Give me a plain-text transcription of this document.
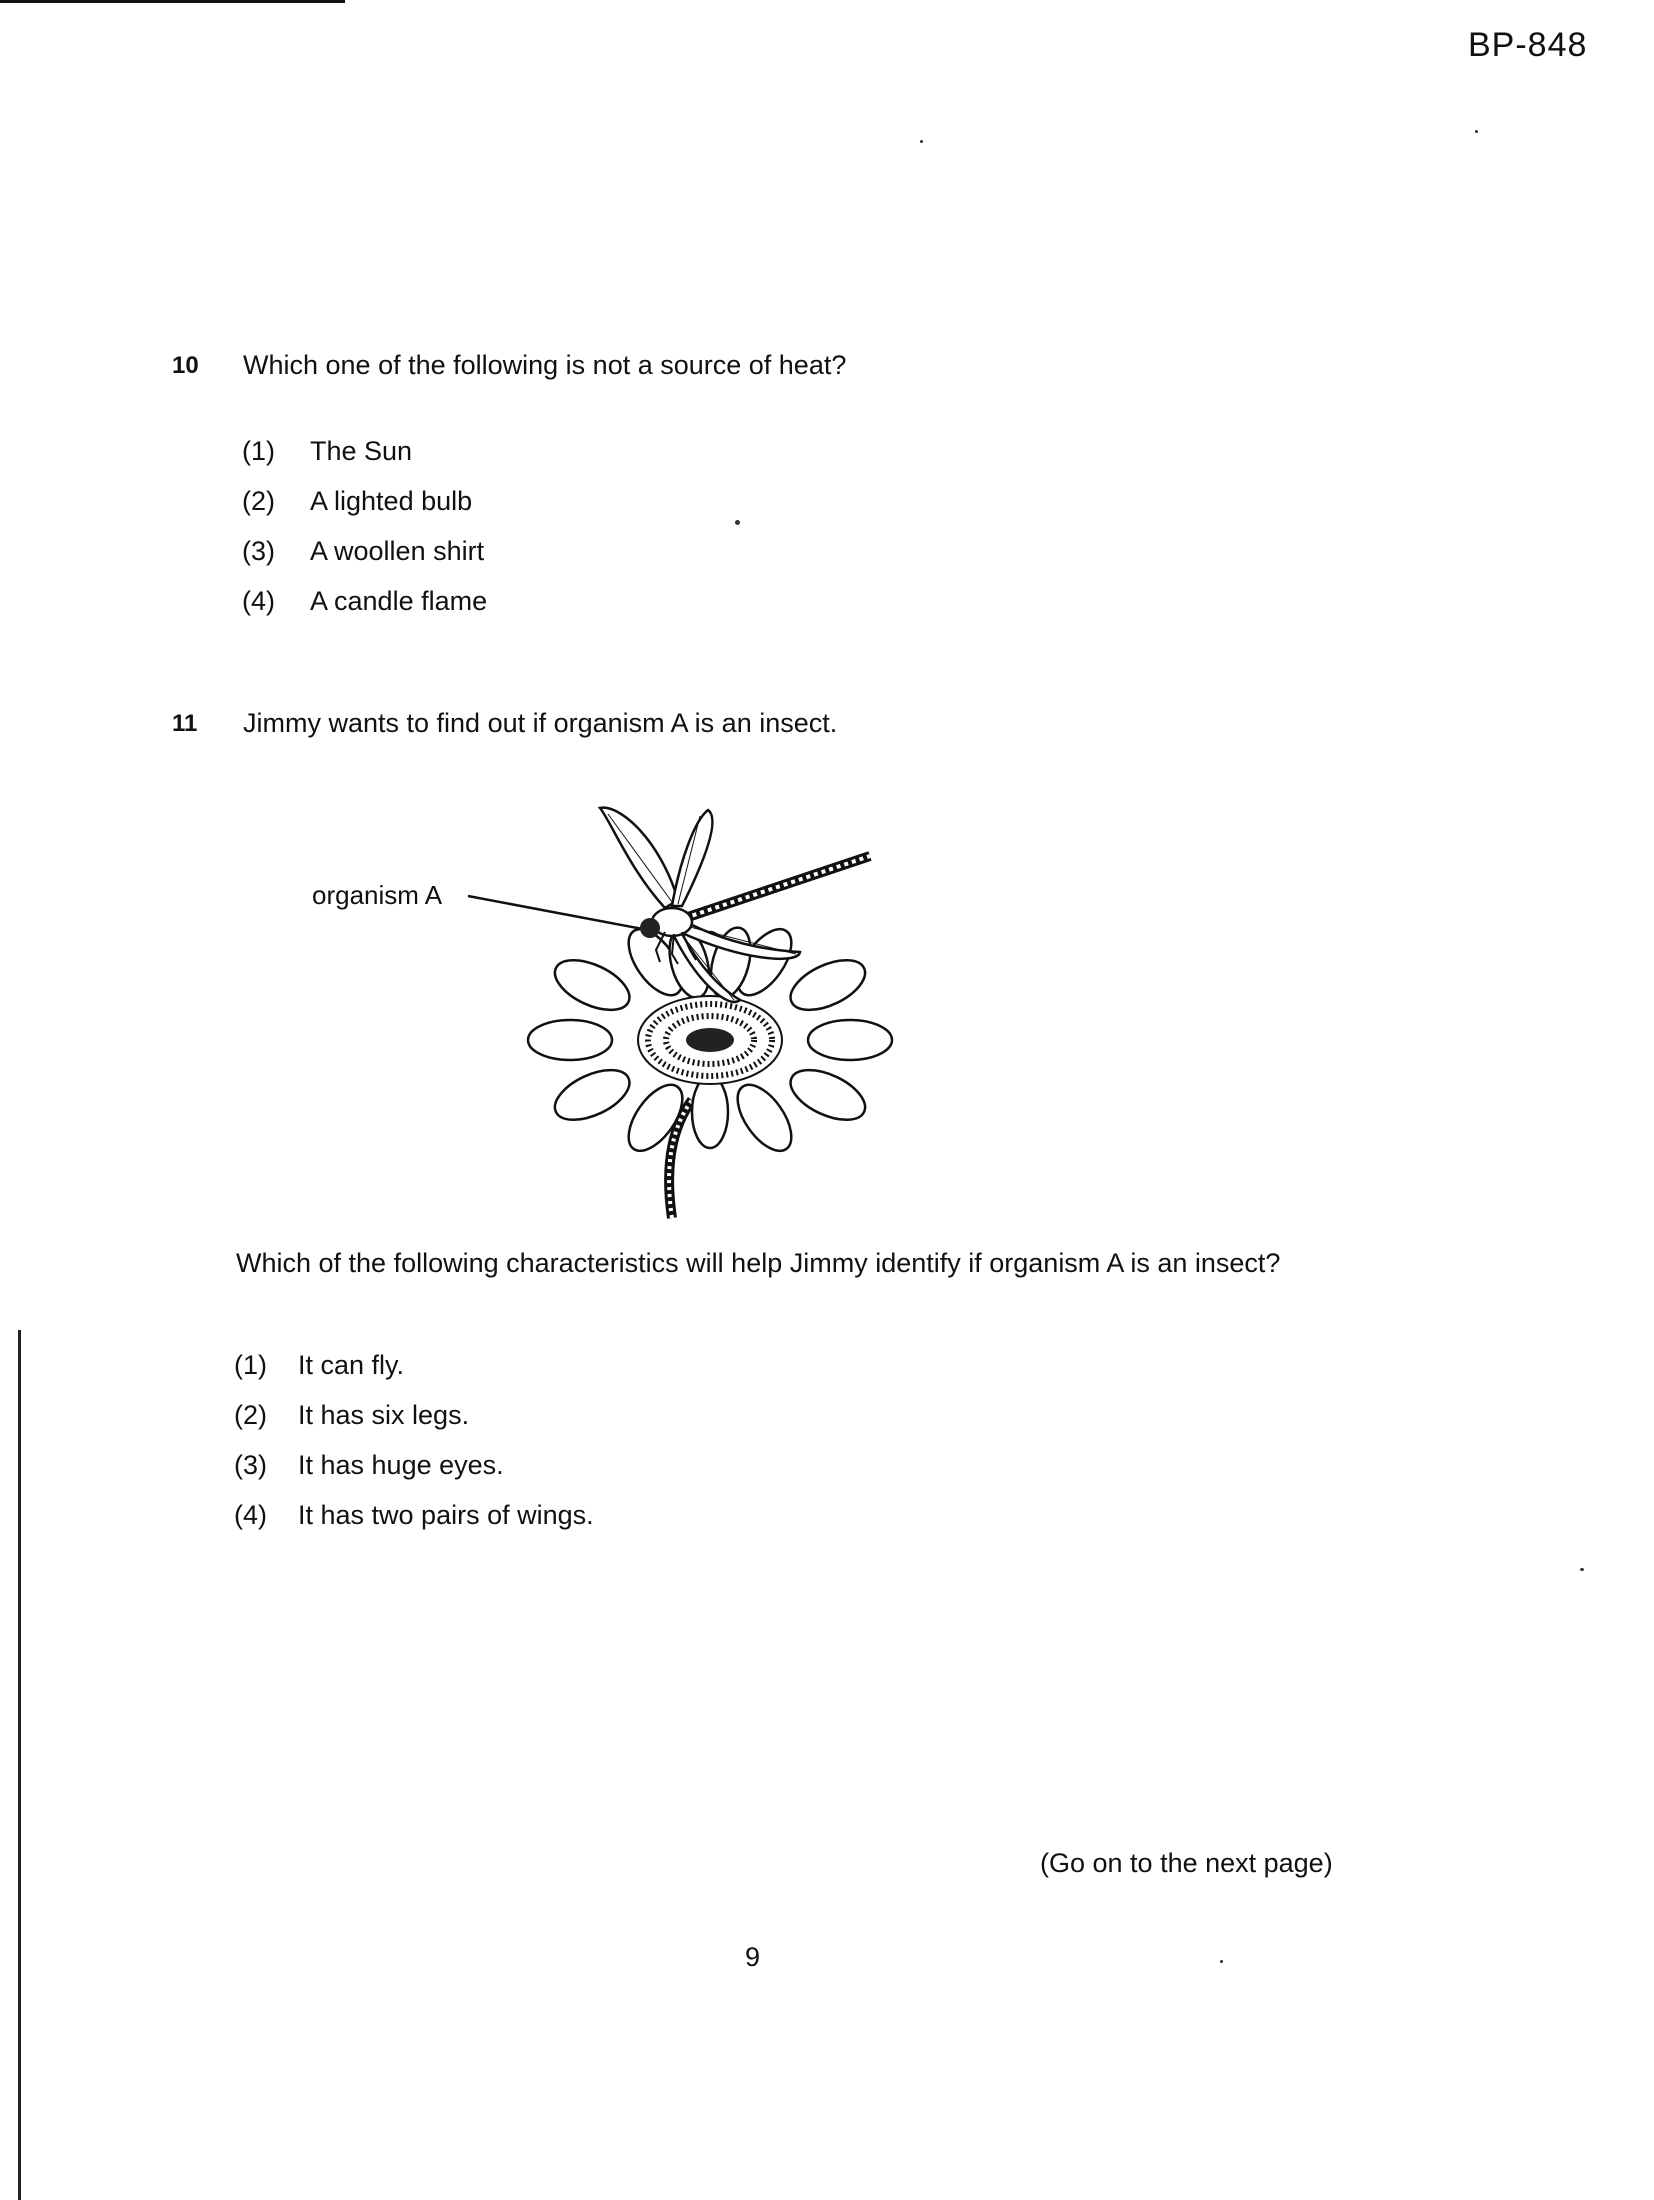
BP-848
10 Which one of the following is not a source of heat?
(1) The Sun
(2) A lighted bulb
(3) A woollen shirt
(4) A candle flame
11 Jimmy wants to find out if organism A is an insect.
organism A
Which of the following characteristics will help Jimmy identify if organism A is an insect?
(1) It can fly.
(2) It has six legs.
(3) It has huge eyes.
(4) It has two pairs of wings.
(Go on to the next page)
9
